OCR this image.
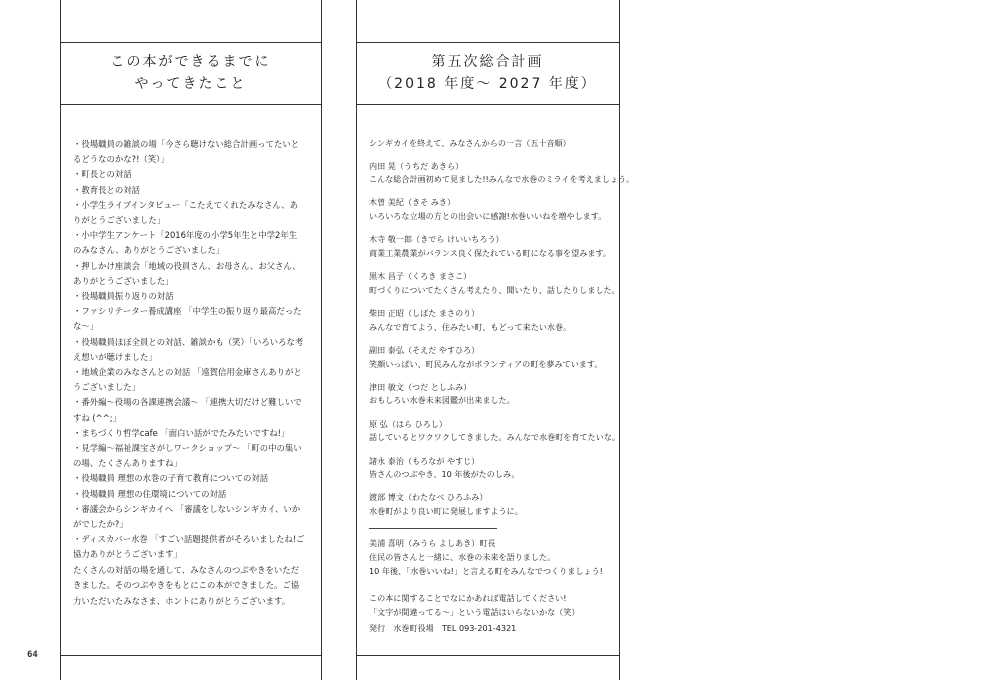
この本ができるまでに
やってきたこと
第五次総合計画
（2018 年度〜 2027 年度）

・役場職員の雑談の場「今さら聴けない総合計画ってたいとるどうなのかな?!（笑）」

・町長との対話

・教育長との対話

・小学生ライブインタビュー「こたえてくれたみなさん、ありがとうございました」

・小中学生アンケート「2016年度の小学5年生と中学2年生のみなさん、ありがとうございました」

・押しかけ座談会「地域の役員さん、お母さん、お父さん、ありがとうございました」

・役場職員振り返りの対話

・ファシリテーター養成講座 「中学生の振り返り最高だったな〜」

・役場職員ほぼ全員との対話、雑談かも（笑）「いろいろな考え想いが聴けました」

・地域企業のみなさんとの対話 「遠賀信用金庫さんありがとうございました」

・番外編〜役場の各課連携会議〜 「連携大切だけど難しいですね (^^;」

・まちづくり哲学cafe 「面白い話がでたみたいですね!」

・見学編〜福祉課宝さがしワークショップ〜 「町の中の集いの場、たくさんありますね」

・役場職員 理想の水巻の子育て教育についての対話

・役場職員 理想の住環境についての対話

・審議会からシンギカイへ 「審議をしないシンギカイ、いかがでしたか?」

・ディスカバー水巻 「すごい話題提供者がそろいましたね!ご協力ありがとうございます」

たくさんの対話の場を通して、みなさんのつぶやきをいただきました。そのつぶやきをもとにこの本ができました。ご協力いただいたみなさま、ホントにありがとうございます。

シンギカイを終えて、みなさんからの一言（五十音順）
内田 晃（うちだ あきら）
こんな総合計画初めて見ました!!みんなで水巻のミライを考えましょう。
木曽 美紀（きそ みき）
いろいろな立場の方との出会いに感謝!水巻いいねを増やします。
木寺 敬一郎（きでら けいいちろう）
商業工業農業がバランス良く保たれている町になる事を望みます。
黒木 昌子（くろき まさこ）
町づくりについてたくさん考えたり、聞いたり、話したりしました。
柴田 正昭（しばた まさのり）
みんなで育てよう、住みたい町、もどって来たい水巻。
副田 泰弘（そえだ やすひろ）
笑顔いっぱい、町民みんながボランティアの町を夢みています。
津田 敏文（つだ としふみ）
おもしろい水巻未来図鑑が出来ました。
原 弘（はら ひろし）
話しているとワクワクしてきました。みんなで水巻町を育てたいな。
諸永 泰治（もろなが やすじ）
皆さんのつぶやき、10 年後がたのしみ。
渡部 博文（わたなべ ひろふみ）
水巻町がより良い町に発展しますように。
美浦 喜明（みうら よしあき）町長
住民の皆さんと一緒に、水巻の未来を語りました。
10 年後、「水巻いいね!」と言える町をみんなでつくりましょう!
この本に関することでなにかあれば電話してください!
「文字が間違ってる〜」という電話はいらないかな（笑）
発行　水巻町役場　TEL 093-201-4321
64
